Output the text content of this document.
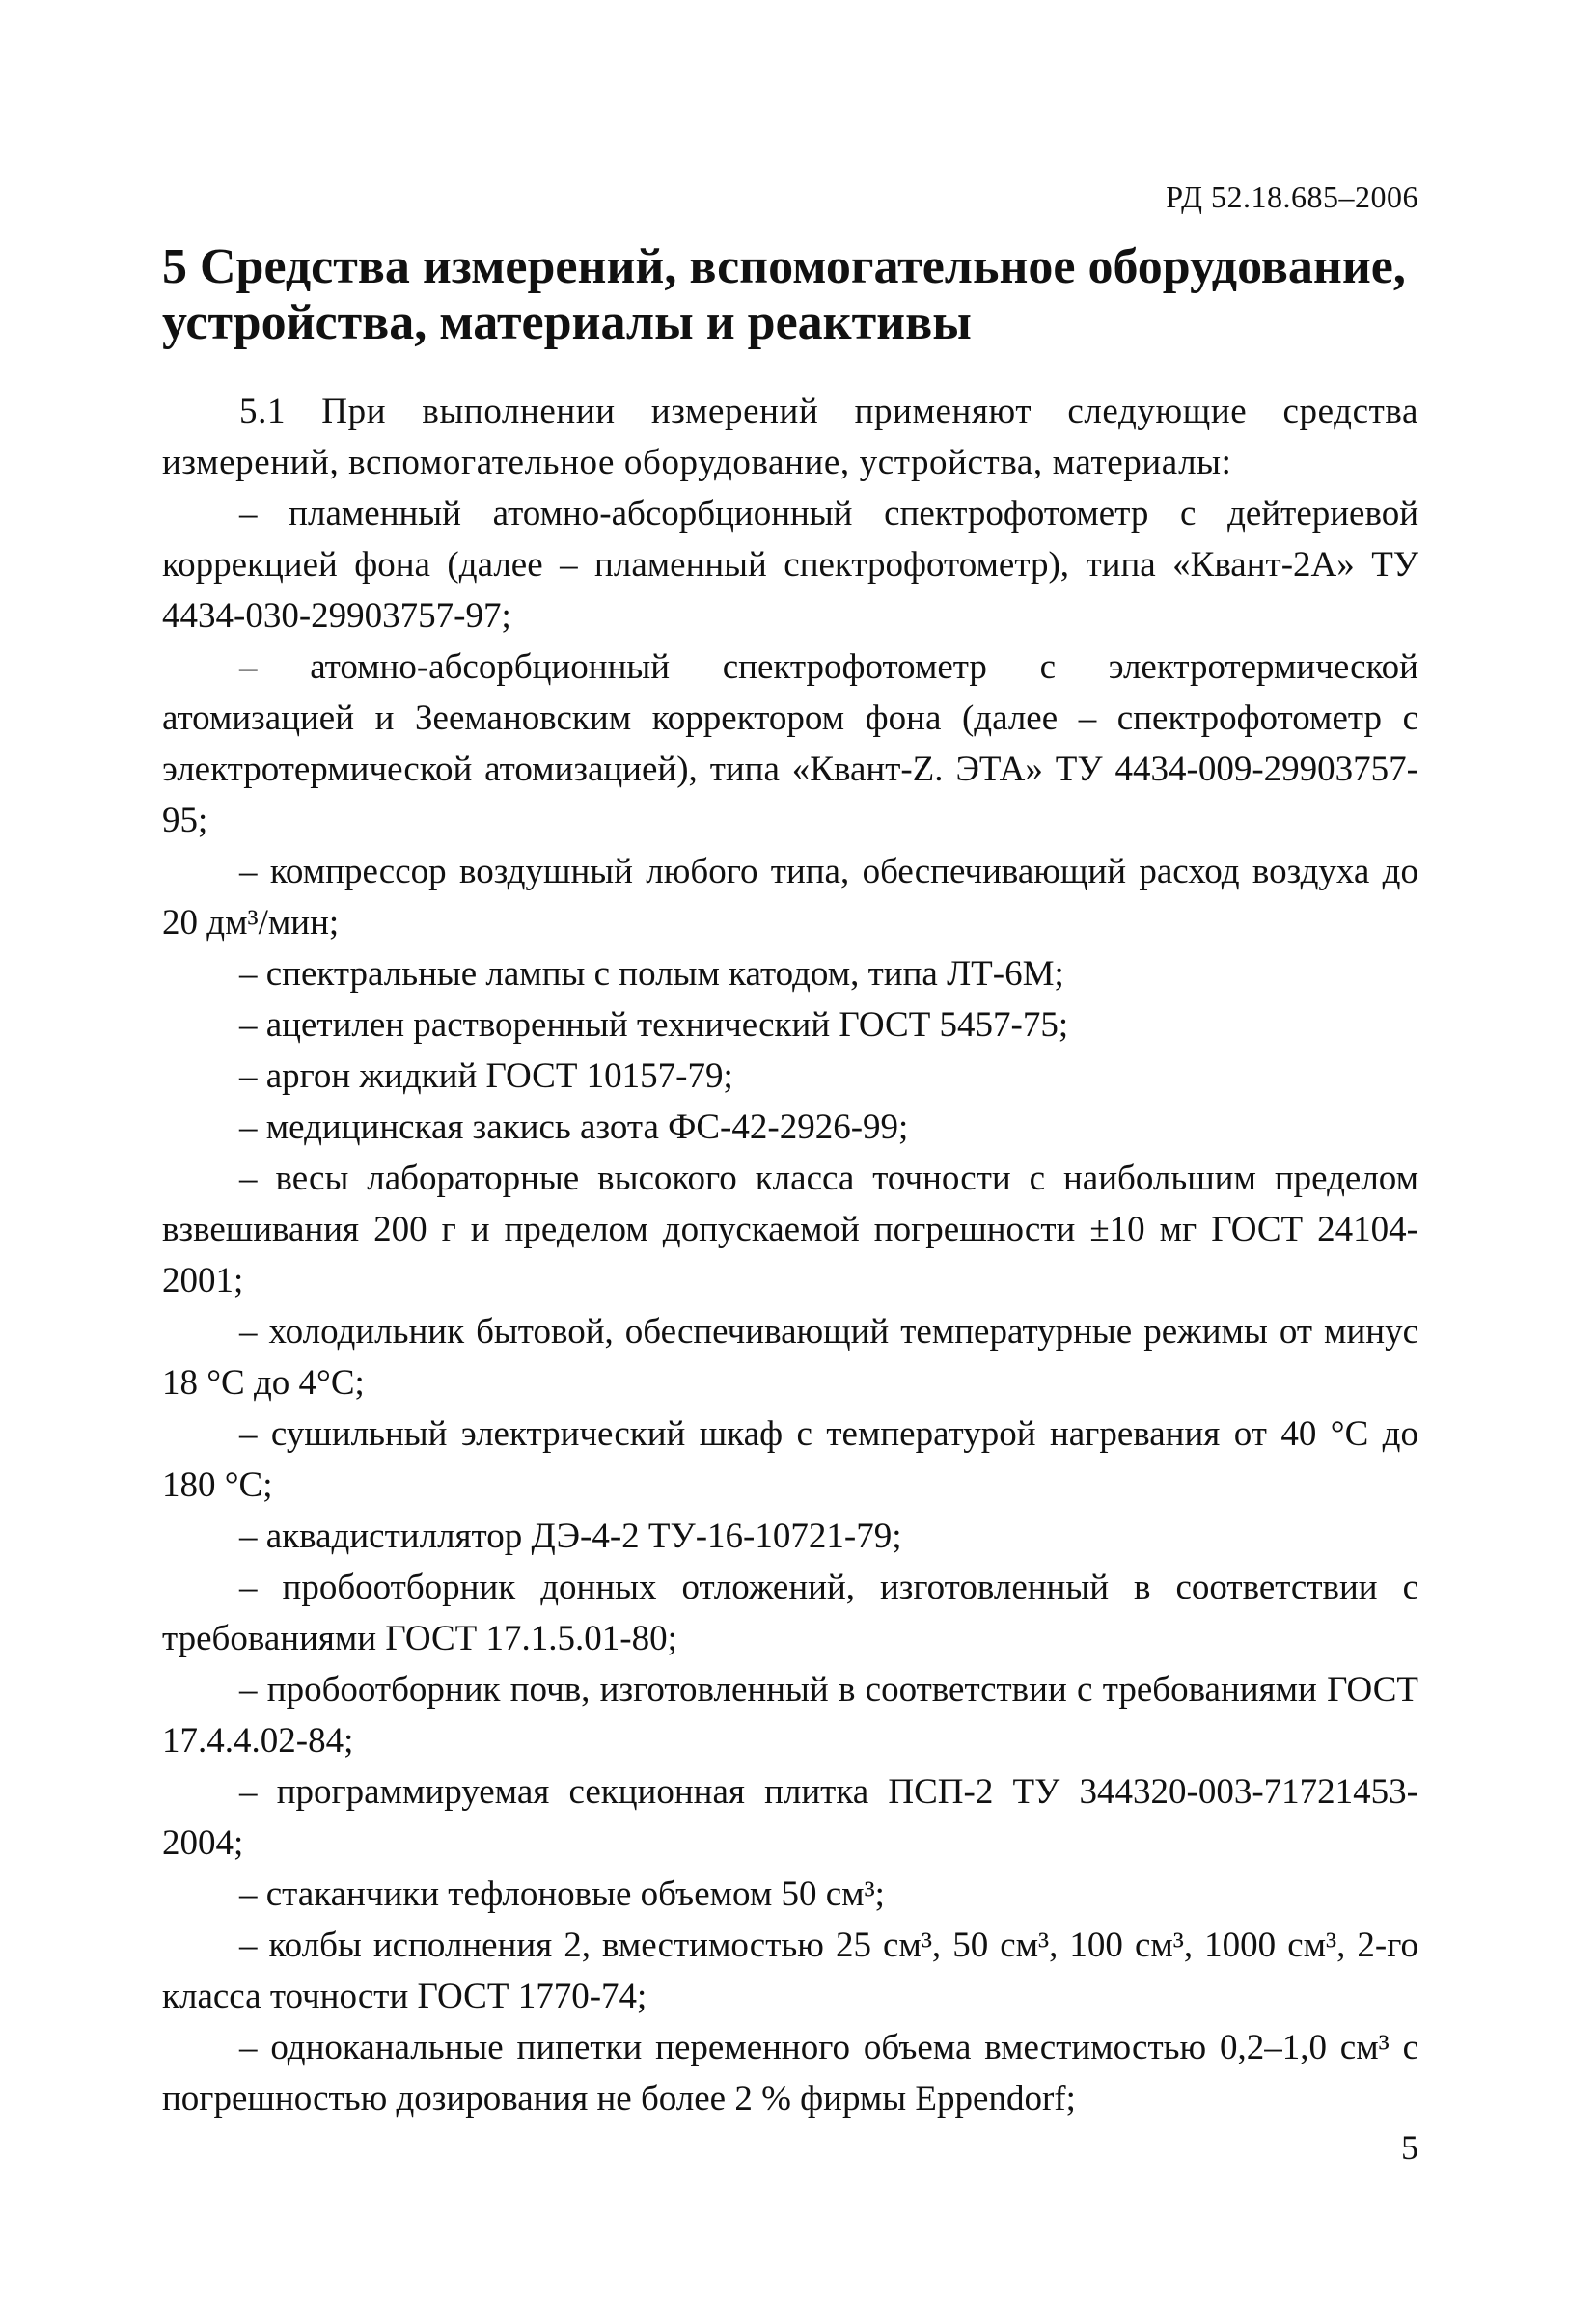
РД 52.18.685–2006
5 Средства измерений, вспомогательное оборудование, устройства, материалы и реактивы

5.1 При выполнении измерений применяют следующие средства измерений, вспомогательное оборудование, устройства, материалы:

– пламенный атомно-абсорбционный спектрофотометр с дейтериевой коррекцией фона (далее – пламенный спектрофотометр), типа «Квант-2А» ТУ 4434-030-29903757-97;

– атомно-абсорбционный спектрофотометр с электротермической атомизацией и Зеемановским корректором фона (далее – спектрофотометр с электротермической атомизацией), типа «Квант-Z. ЭТА» ТУ 4434-009-29903757-95;

– компрессор воздушный любого типа, обеспечивающий расход воздуха до 20 дм³/мин;

– спектральные лампы с полым катодом, типа ЛТ-6М;

– ацетилен растворенный технический ГОСТ 5457-75;

– аргон жидкий ГОСТ 10157-79;

– медицинская закись азота ФС-42-2926-99;

– весы лабораторные высокого класса точности с наибольшим пределом взвешивания 200 г и пределом допускаемой погрешности ±10 мг ГОСТ 24104-2001;

– холодильник бытовой, обеспечивающий температурные режимы от минус 18 °С до 4°С;

– сушильный электрический шкаф с температурой нагревания от 40 °С до 180 °С;

– аквадистиллятор ДЭ-4-2 ТУ-16-10721-79;

– пробоотборник донных отложений, изготовленный в соответствии с требованиями ГОСТ 17.1.5.01-80;

– пробоотборник почв, изготовленный в соответствии с требованиями ГОСТ 17.4.4.02-84;

– программируемая секционная плитка ПСП-2 ТУ 344320-003-71721453-2004;

– стаканчики тефлоновые объемом 50 см³;

– колбы исполнения 2, вместимостью 25 см³, 50 см³, 100 см³, 1000 см³, 2-го класса точности ГОСТ 1770-74;

– одноканальные пипетки переменного объема вместимостью 0,2–1,0 см³ с погрешностью дозирования не более 2 % фирмы Eppendorf;

5
